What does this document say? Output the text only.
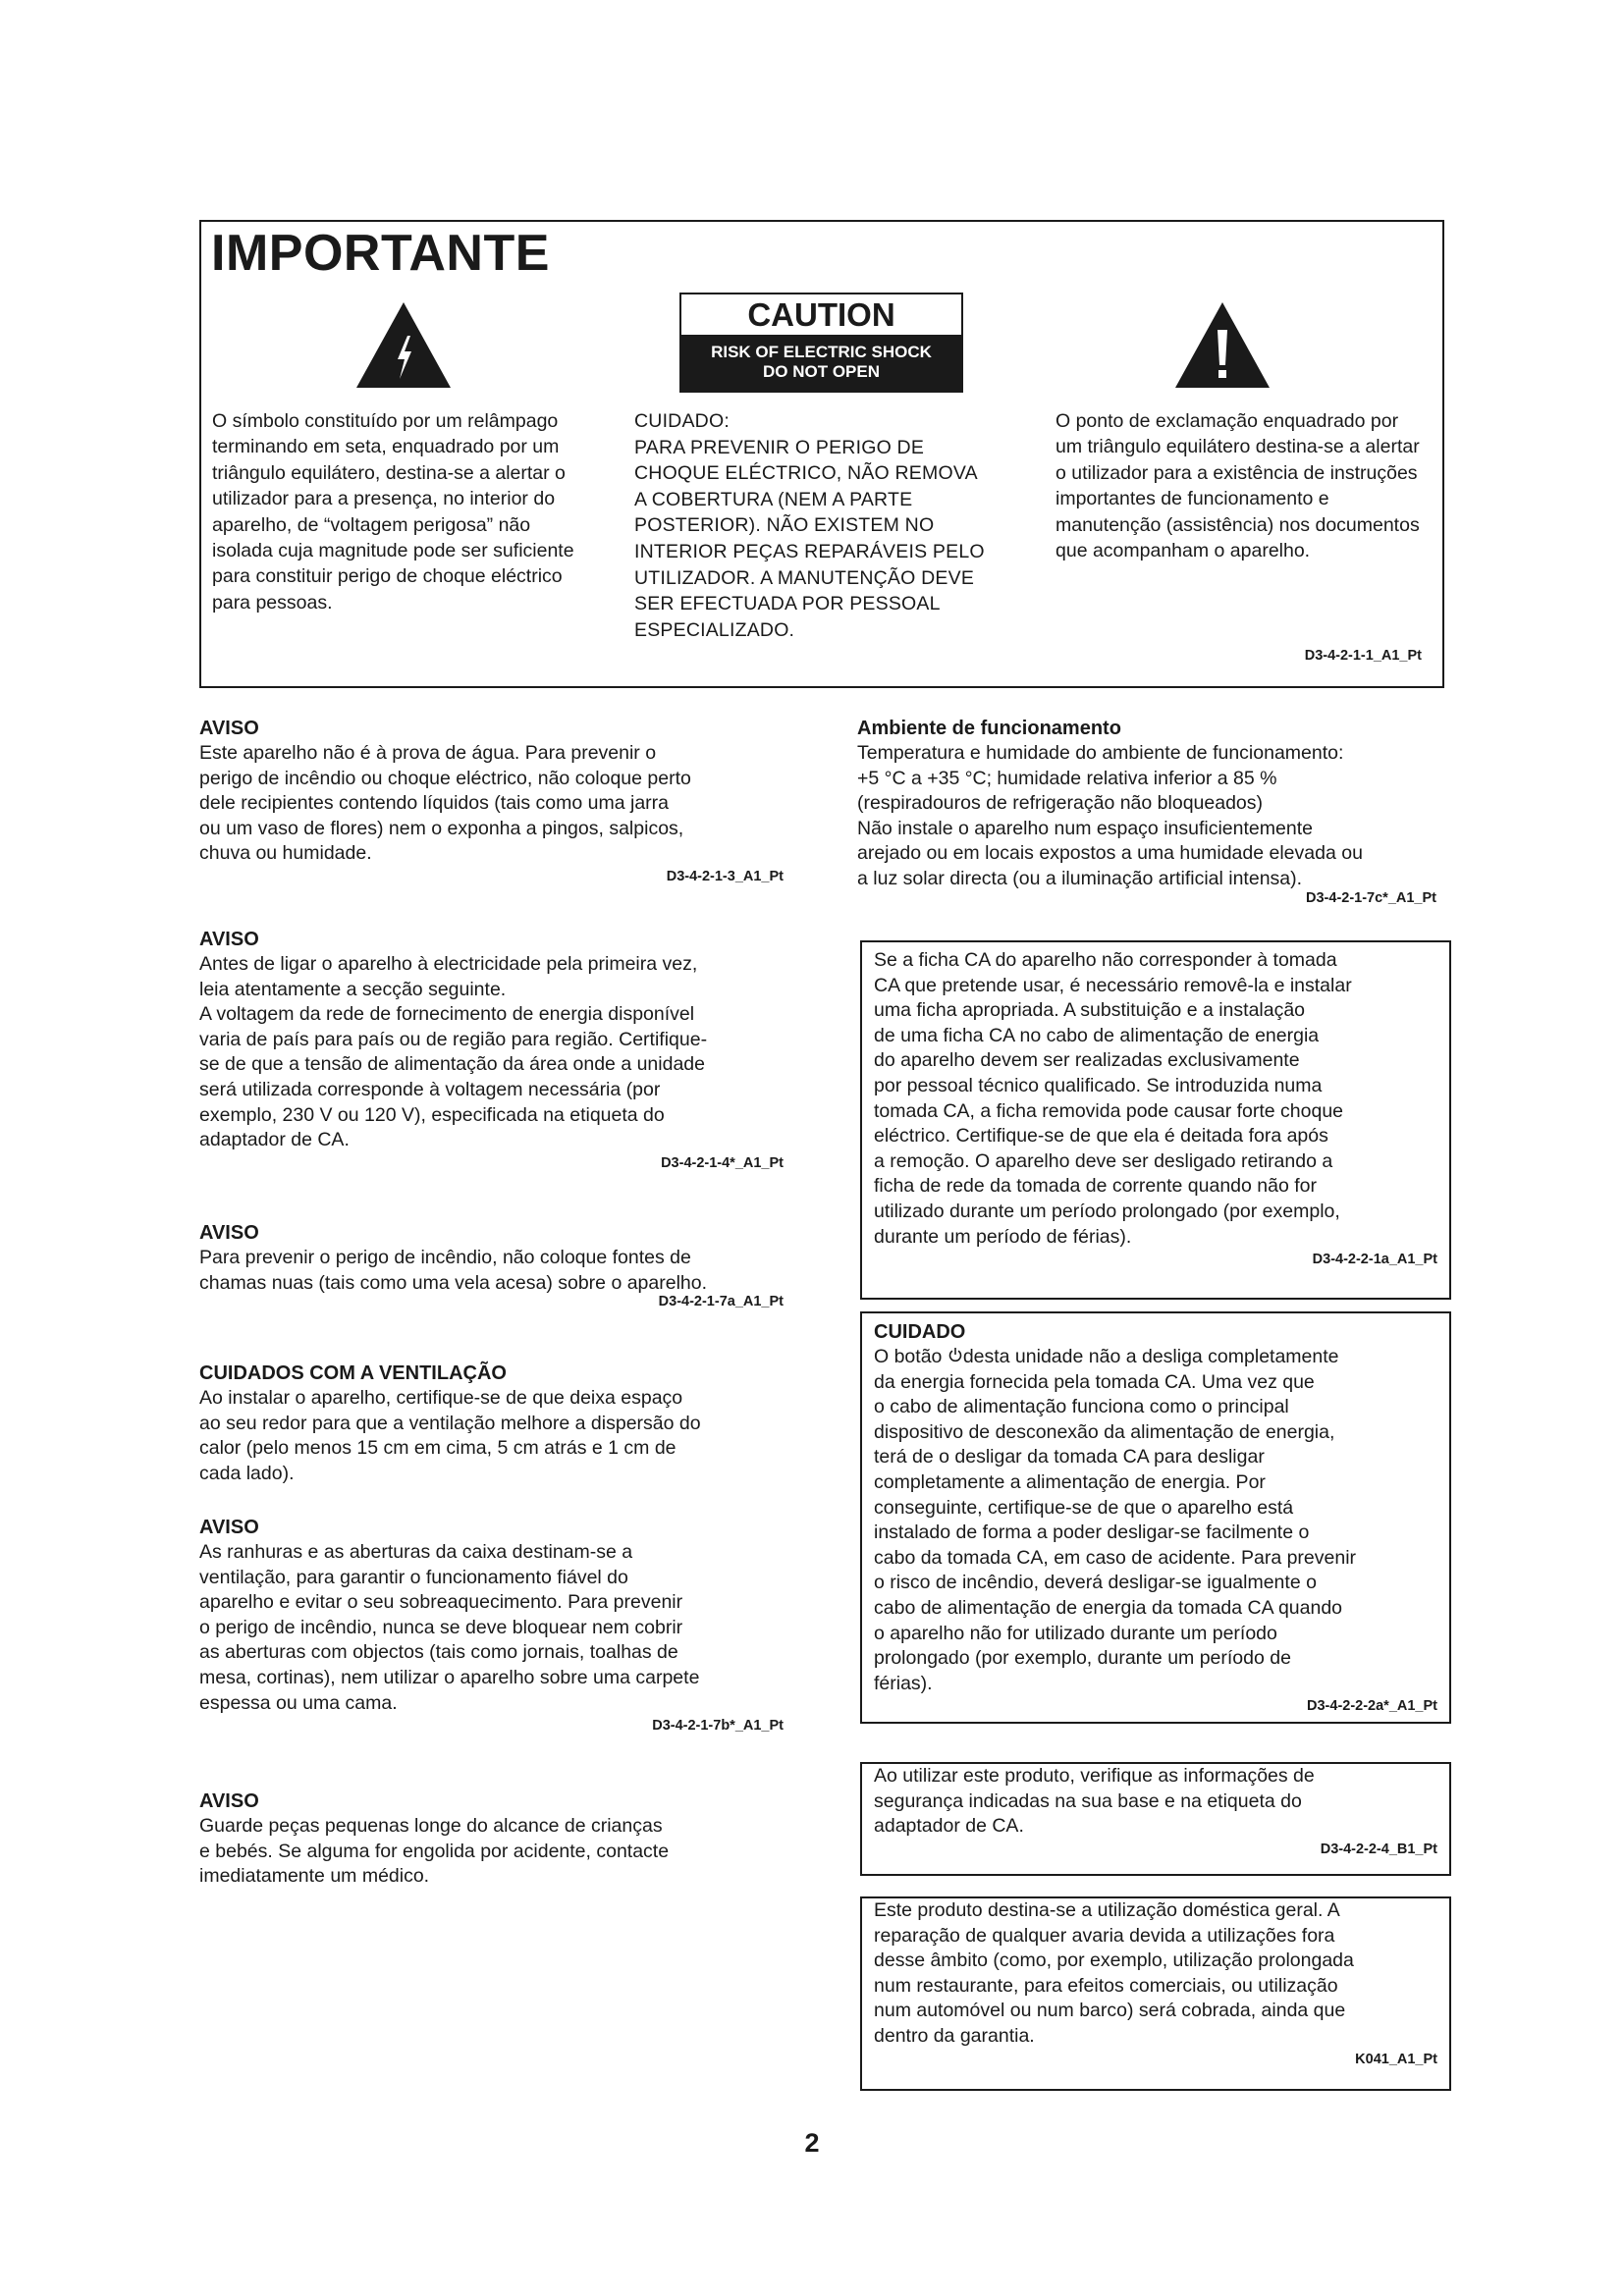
IMPORTANTE
CAUTION
RISK OF ELECTRIC SHOCK
DO NOT OPEN

O símbolo constituído por um relâmpago terminando em seta, enquadrado por um triângulo equilátero, destina-se a alertar o utilizador para a presença, no interior do aparelho, de “voltagem perigosa” não isolada cuja magnitude pode ser suficiente para constituir perigo de choque eléctrico para pessoas.

CUIDADO:

PARA PREVENIR O PERIGO DE CHOQUE ELÉCTRICO, NÃO REMOVA A COBERTURA (NEM A PARTE POSTERIOR). NÃO EXISTEM NO INTERIOR PEÇAS REPARÁVEIS PELO UTILIZADOR. A MANUTENÇÃO DEVE SER EFECTUADA POR PESSOAL ESPECIALIZADO.

O ponto de exclamação enquadrado por um triângulo equilátero destina-se a alertar o utilizador para a existência de instruções importantes de funcionamento e manutenção (assistência) nos documentos que acompanham o aparelho.

D3-4-2-1-1_A1_Pt

AVISO

Este aparelho não é à prova de água. Para prevenir o
perigo de incêndio ou choque eléctrico, não coloque perto
dele recipientes contendo líquidos (tais como uma jarra
ou um vaso de flores) nem o exponha a pingos, salpicos,
chuva ou humidade.

D3-4-2-1-3_A1_Pt

AVISO

Antes de ligar o aparelho à electricidade pela primeira vez,
leia atentamente a secção seguinte.
A voltagem da rede de fornecimento de energia disponível
varia de país para país ou de região para região. Certifique-
se de que a tensão de alimentação da área onde a unidade
será utilizada corresponde à voltagem necessária (por
exemplo, 230 V ou 120 V), especificada na etiqueta do
adaptador de CA.

D3-4-2-1-4*_A1_Pt

AVISO

Para prevenir o perigo de incêndio, não coloque fontes de
chamas nuas (tais como uma vela acesa) sobre o aparelho.

D3-4-2-1-7a_A1_Pt

CUIDADOS COM A VENTILAÇÃO

Ao instalar o aparelho, certifique-se de que deixa espaço
ao seu redor para que a ventilação melhore a dispersão do
calor (pelo menos 15 cm em cima, 5 cm atrás e 1 cm de
cada lado).

AVISO

As ranhuras e as aberturas da caixa destinam-se a
ventilação, para garantir o funcionamento fiável do
aparelho e evitar o seu sobreaquecimento. Para prevenir
o perigo de incêndio, nunca se deve bloquear nem cobrir
as aberturas com objectos (tais como jornais, toalhas de
mesa, cortinas), nem utilizar o aparelho sobre uma carpete
espessa ou uma cama.

D3-4-2-1-7b*_A1_Pt

AVISO

Guarde peças pequenas longe do alcance de crianças
e bebés. Se alguma for engolida por acidente, contacte
imediatamente um médico.

Ambiente de funcionamento

Temperatura e humidade do ambiente de funcionamento:
+5 °C a +35 °C; humidade relativa inferior a 85 %
(respiradouros de refrigeração não bloqueados)
Não instale o aparelho num espaço insuficientemente
arejado ou em locais expostos a uma humidade elevada ou
a luz solar directa (ou a iluminação artificial intensa).

D3-4-2-1-7c*_A1_Pt

Se a ficha CA do aparelho não corresponder à tomada
CA que pretende usar, é necessário removê-la e instalar
uma ficha apropriada. A substituição e a instalação
de uma ficha CA no cabo de alimentação de energia
do aparelho devem ser realizadas exclusivamente
por pessoal técnico qualificado. Se introduzida numa
tomada CA, a ficha removida pode causar forte choque
eléctrico. Certifique-se de que ela é deitada fora após
a remoção. O aparelho deve ser desligado retirando a
ficha de rede da tomada de corrente quando não for
utilizado durante um período prolongado (por exemplo,
durante um período de férias).

D3-4-2-2-1a_A1_Pt

CUIDADO

O botão desta unidade não a desliga completamente

da energia fornecida pela tomada CA. Uma vez que
o cabo de alimentação funciona como o principal
dispositivo de desconexão da alimentação de energia,
terá de o desligar da tomada CA para desligar
completamente a alimentação de energia. Por
conseguinte, certifique-se de que o aparelho está
instalado de forma a poder desligar-se facilmente o
cabo da tomada CA, em caso de acidente. Para prevenir
o risco de incêndio, deverá desligar-se igualmente o
cabo de alimentação de energia da tomada CA quando
o aparelho não for utilizado durante um período
prolongado (por exemplo, durante um período de
férias).

D3-4-2-2-2a*_A1_Pt

Ao utilizar este produto, verifique as informações de
segurança indicadas na sua base e na etiqueta do
adaptador de CA.

D3-4-2-2-4_B1_Pt

Este produto destina-se a utilização doméstica geral. A
reparação de qualquer avaria devida a utilizações fora
desse âmbito (como, por exemplo, utilização prolongada
num restaurante, para efeitos comerciais, ou utilização
num automóvel ou num barco) será cobrada, ainda que
dentro da garantia.

K041_A1_Pt

2
